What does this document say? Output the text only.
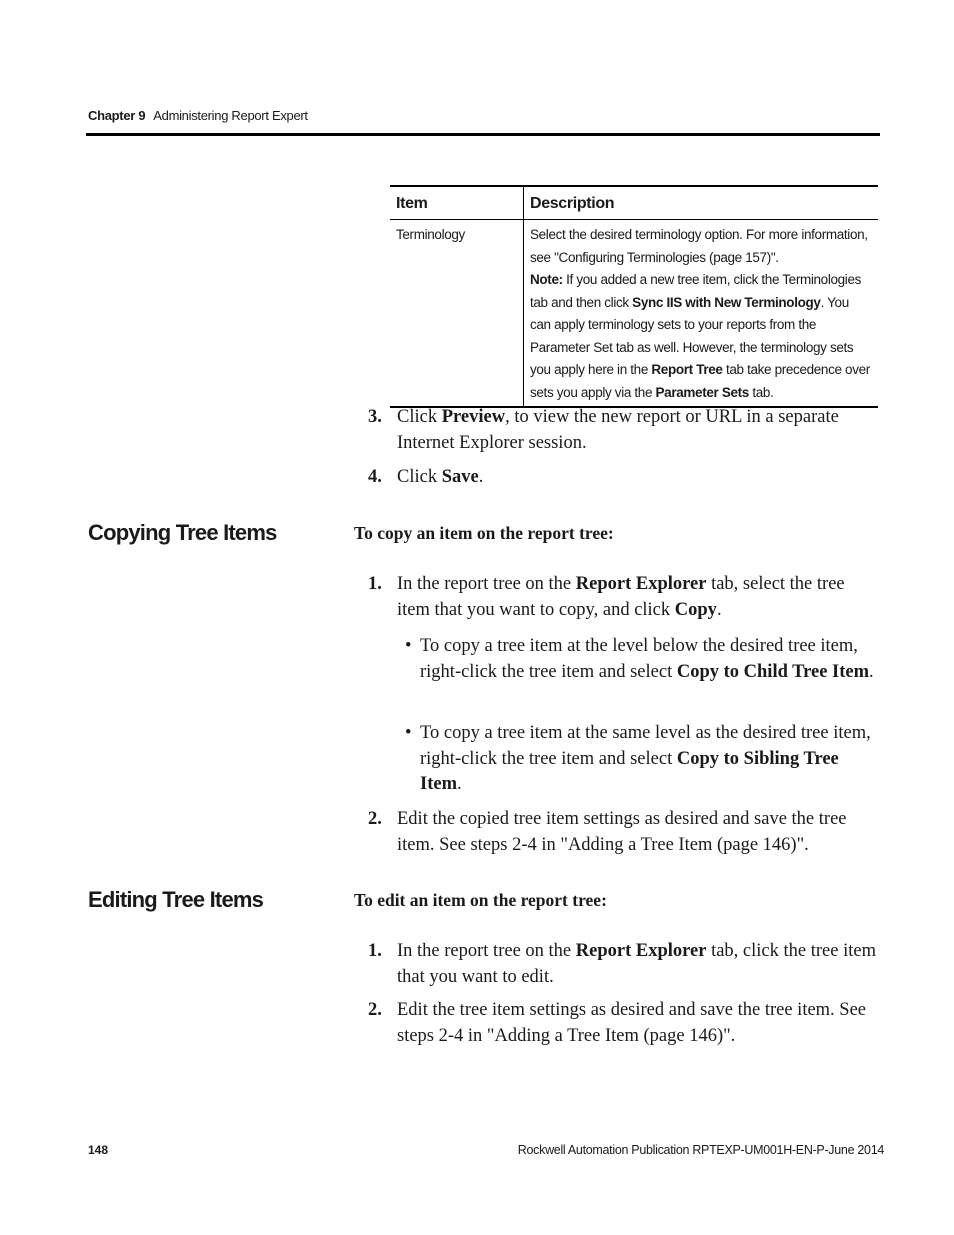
Chapter 9 Administering Report Expert
Item	Description
Terminology	Select the desired terminology option. For more information, see "Configuring Terminologies (page 157)".

Note: If you added a new tree item, click the Terminologies tab and then click Sync IIS with New Terminology. You can apply terminology sets to your reports from the Parameter Set tab as well. However, the terminology sets you apply here in the Report Tree tab take precedence over sets you apply via the Parameter Sets tab.

3. Click Preview, to view the new report or URL in a separate Internet Explorer session.
4. Click Save.
Copying Tree Items	To copy an item on the report tree:
1. In the report tree on the Report Explorer tab, select the tree item that you want to copy, and click Copy.
• To copy a tree item at the level below the desired tree item, right-click the tree item and select Copy to Child Tree Item.
• To copy a tree item at the same level as the desired tree item, right-click the tree item and select Copy to Sibling Tree Item.
2. Edit the copied tree item settings as desired and save the tree item. See steps 2-4 in "Adding a Tree Item (page 146)".
Editing Tree Items	To edit an item on the report tree:
1. In the report tree on the Report Explorer tab, click the tree item that you want to edit.
2. Edit the tree item settings as desired and save the tree item. See steps 2-4 in "Adding a Tree Item (page 146)".
148	Rockwell Automation Publication RPTEXP-UM001H-EN-P-June 2014
